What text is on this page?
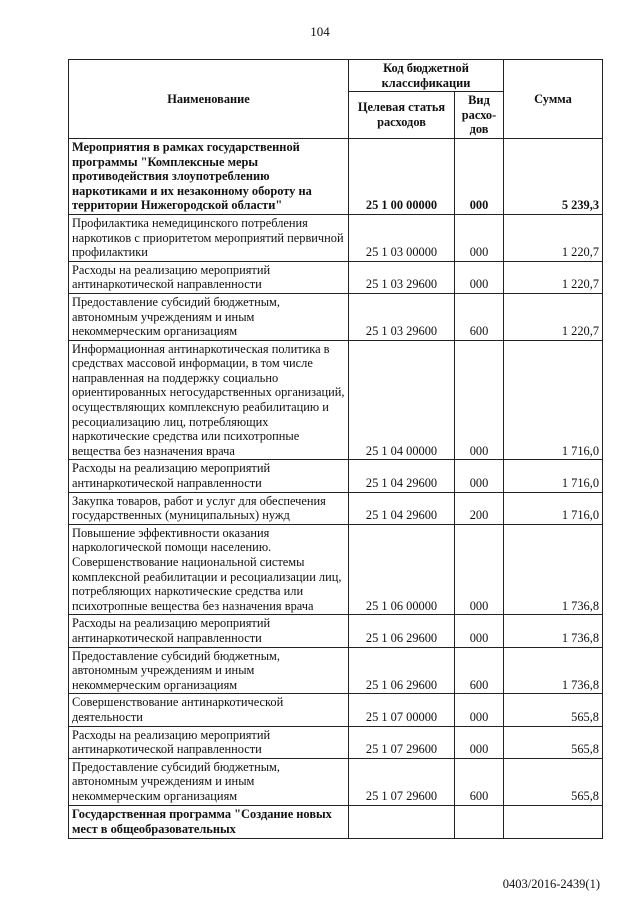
104
Наименование	Код бюджетной классификации		Сумма
	Целевая статья расходов	Вид расхо-дов	
Мероприятия в рамках государственной программы "Комплексные меры противодействия злоупотреблению наркотиками и их незаконному обороту на территории Нижегородской области"	25 1 00 00000	000	5 239,3
Профилактика немедицинского потребления наркотиков с приоритетом мероприятий первичной профилактики	25 1 03 00000	000	1 220,7
Расходы на реализацию мероприятий антинаркотической направленности	25 1 03 29600	000	1 220,7
Предоставление субсидий бюджетным, автономным учреждениям и иным некоммерческим организациям	25 1 03 29600	600	1 220,7
Информационная антинаркотическая политика в средствах массовой информации, в том числе направленная на поддержку социально ориентированных негосударственных организаций, осуществляющих комплексную реабилитацию и ресоциализацию лиц, потребляющих наркотические средства или психотропные вещества без назначения врача	25 1 04 00000	000	1 716,0
Расходы на реализацию мероприятий антинаркотической направленности	25 1 04 29600	000	1 716,0
Закупка товаров, работ и услуг для обеспечения государственных (муниципальных) нужд	25 1 04 29600	200	1 716,0
Повышение эффективности оказания наркологической помощи населению. Совершенствование национальной системы комплексной реабилитации и ресоциализации лиц, потребляющих наркотические средства или психотропные вещества без назначения врача	25 1 06 00000	000	1 736,8
Расходы на реализацию мероприятий антинаркотической направленности	25 1 06 29600	000	1 736,8
Предоставление субсидий бюджетным, автономным учреждениям и иным некоммерческим организациям	25 1 06 29600	600	1 736,8
Совершенствование антинаркотической деятельности	25 1 07 00000	000	565,8
Расходы на реализацию мероприятий антинаркотической направленности	25 1 07 29600	000	565,8
Предоставление субсидий бюджетным, автономным учреждениям и иным некоммерческим организациям	25 1 07 29600	600	565,8
Государственная программа "Создание новых мест в общеобразовательных			
0403/2016-2439(1)
